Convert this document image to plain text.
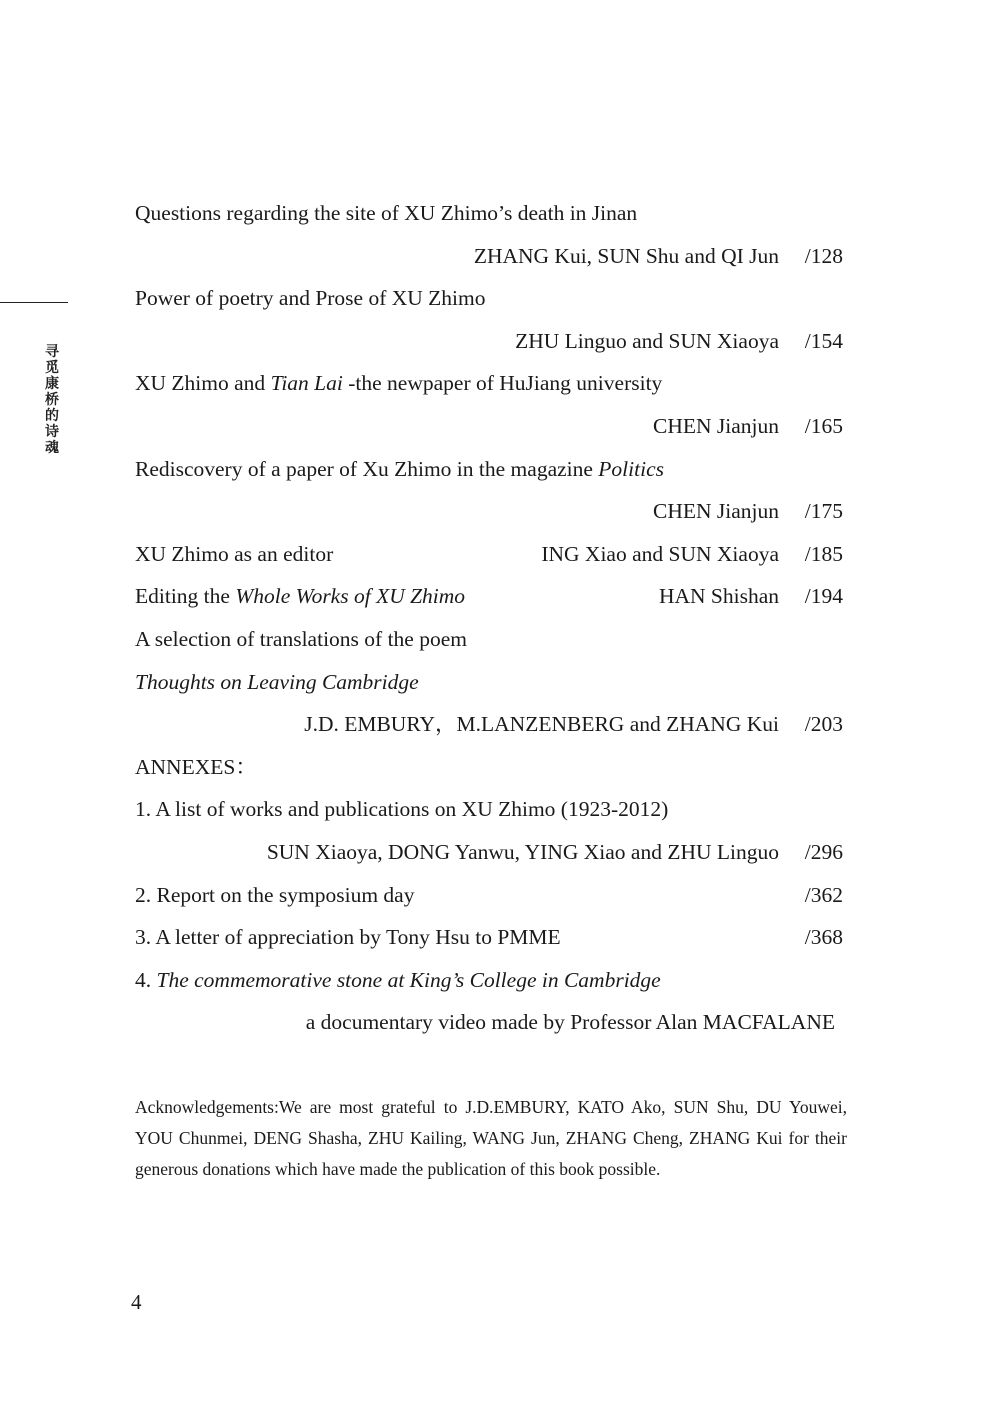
寻觅康桥的诗魂
Questions regarding the site of XU Zhimo’s death in Jinan
ZHANG Kui, SUN Shu and QI Jun	/128
Power of poetry and Prose of XU Zhimo
ZHU Linguo and SUN Xiaoya	/154
XU Zhimo and Tian Lai -the newpaper of HuJiang university
CHEN Jianjun	/165
Rediscovery of a paper of Xu Zhimo in the magazine Politics
CHEN Jianjun	/175
XU Zhimo as an editor	ING Xiao and SUN Xiaoya	/185
Editing the Whole Works of XU Zhimo	HAN Shishan	/194
A selection of translations of the poem
Thoughts on Leaving Cambridge
J.D. EMBURY，M.LANZENBERG and ZHANG Kui	/203
ANNEXES：
1. A list of works and publications on XU Zhimo (1923-2012)
SUN Xiaoya, DONG Yanwu, YING Xiao and ZHU Linguo	/296
2. Report on the symposium day	/362
3. A letter of appreciation by Tony Hsu to PMME	/368
4. The commemorative stone at King’s College in Cambridge
a documentary video made by Professor Alan MACFALANE
Acknowledgements:We are most grateful to J.D.EMBURY, KATO Ako, SUN Shu, DU Youwei, YOU Chunmei, DENG Shasha, ZHU Kailing, WANG Jun, ZHANG Cheng, ZHANG Kui for their generous donations which have made the publication of this book possible.
4
